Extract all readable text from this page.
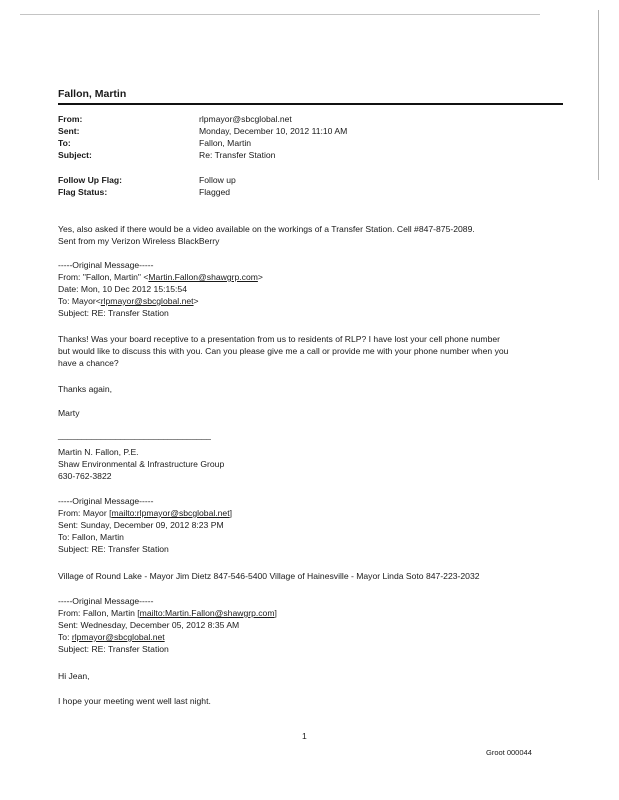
Fallon, Martin
From:	rlpmayor@sbcglobal.net
Sent:	Monday, December 10, 2012 11:10 AM
To:	Fallon, Martin
Subject:	Re: Transfer Station
Follow Up Flag:	Follow up
Flag Status:	Flagged
Yes, also asked if there would be a video available on the workings of a Transfer Station. Cell #847-875-2089.
Sent from my Verizon Wireless BlackBerry
-----Original Message-----
From: "Fallon, Martin" <Martin.Fallon@shawgrp.com>
Date: Mon, 10 Dec 2012 15:15:54
To: Mayor<rlpmayor@sbcglobal.net>
Subject: RE: Transfer Station
Thanks! Was your board receptive to a presentation from us to residents of RLP? I have lost your cell phone number
but would like to discuss this with you. Can you please give me a call or provide me with your phone number when you
have a chance?
Thanks again,
Marty
________________________________
Martin N. Fallon, P.E.
Shaw Environmental & Infrastructure Group
630-762-3822
-----Original Message-----
From: Mayor [mailto:rlpmayor@sbcglobal.net]
Sent: Sunday, December 09, 2012 8:23 PM
To: Fallon, Martin
Subject: RE: Transfer Station
Village of Round Lake - Mayor Jim Dietz 847-546-5400 Village of Hainesville - Mayor Linda Soto 847-223-2032
-----Original Message-----
From: Fallon, Martin [mailto:Martin.Fallon@shawgrp.com]
Sent: Wednesday, December 05, 2012 8:35 AM
To: rlpmayor@sbcglobal.net
Subject: RE: Transfer Station
Hi Jean,
I hope your meeting went well last night.
1
Groot 000044
